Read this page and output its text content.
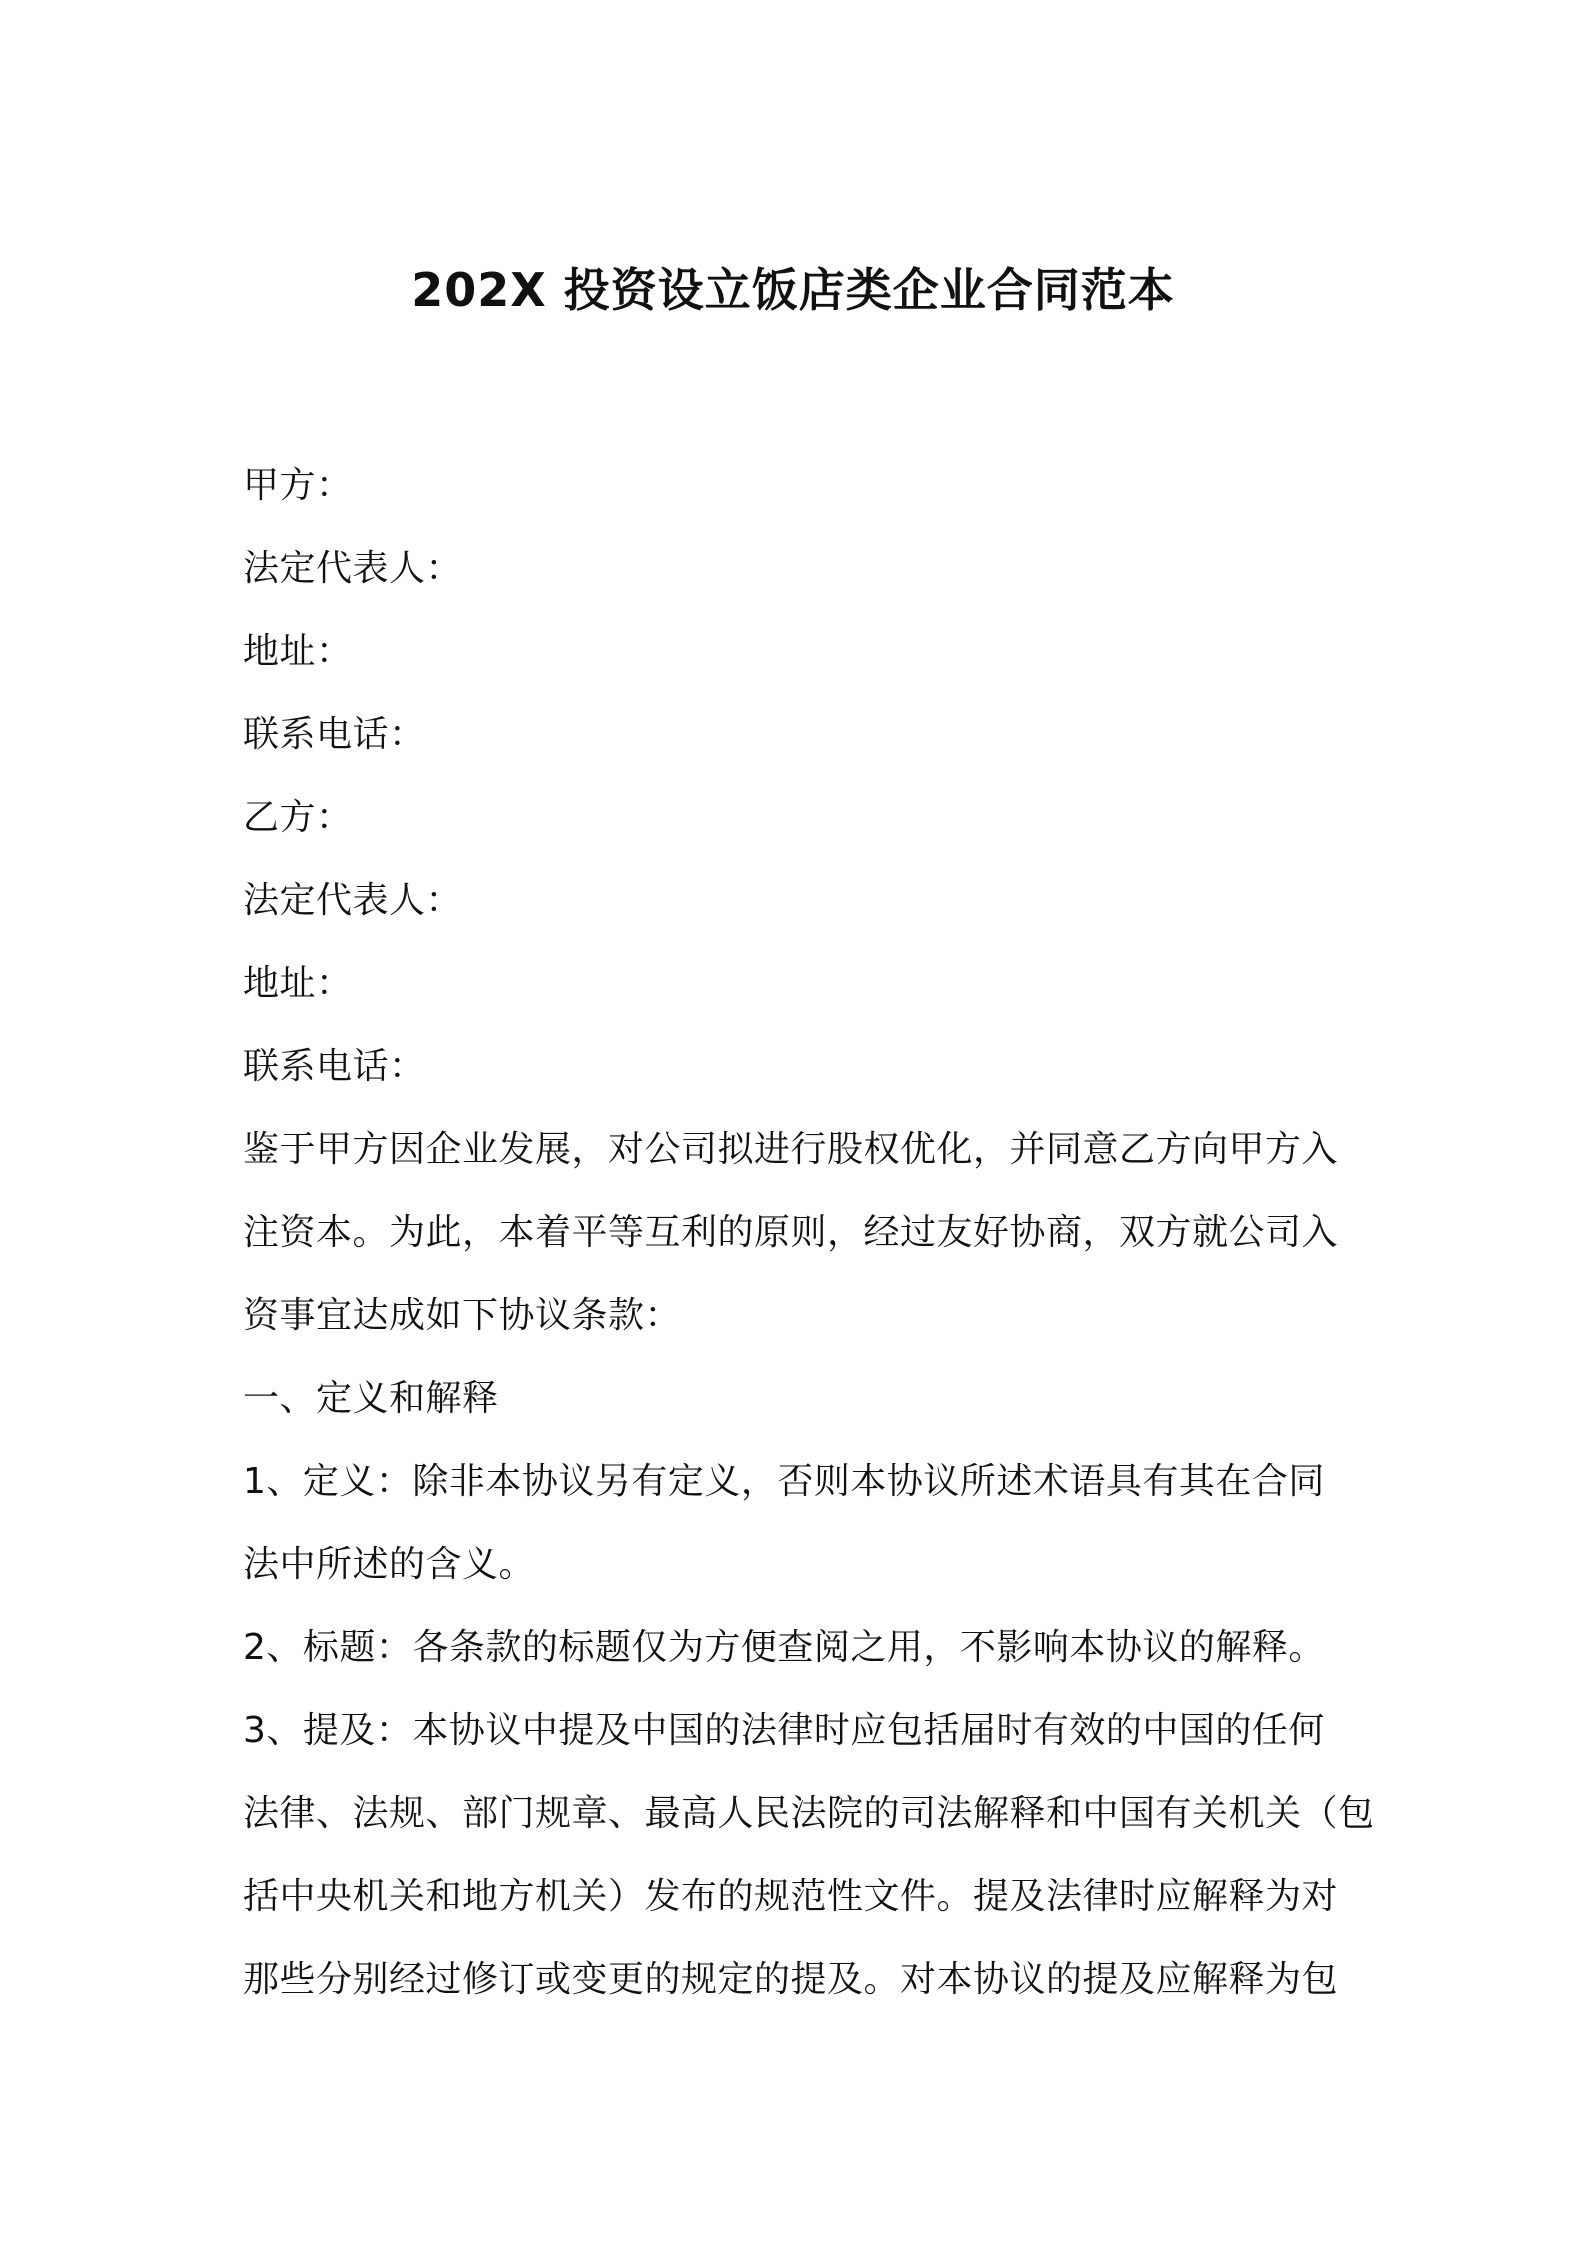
202X 投资设立饭店类企业合同范本
甲方：
法定代表人：
地址：
联系电话：
乙方：
法定代表人：
地址：
联系电话：
鉴于甲方因企业发展，对公司拟进行股权优化，并同意乙方向甲方入
注资本。为此，本着平等互利的原则，经过友好协商，双方就公司入
资事宜达成如下协议条款：
一、定义和解释
1、定义：除非本协议另有定义，否则本协议所述术语具有其在合同
法中所述的含义。
2、标题：各条款的标题仅为方便查阅之用，不影响本协议的解释。
3、提及：本协议中提及中国的法律时应包括届时有效的中国的任何
法律、法规、部门规章、最高人民法院的司法解释和中国有关机关（包
括中央机关和地方机关）发布的规范性文件。提及法律时应解释为对
那些分别经过修订或变更的规定的提及。对本协议的提及应解释为包
